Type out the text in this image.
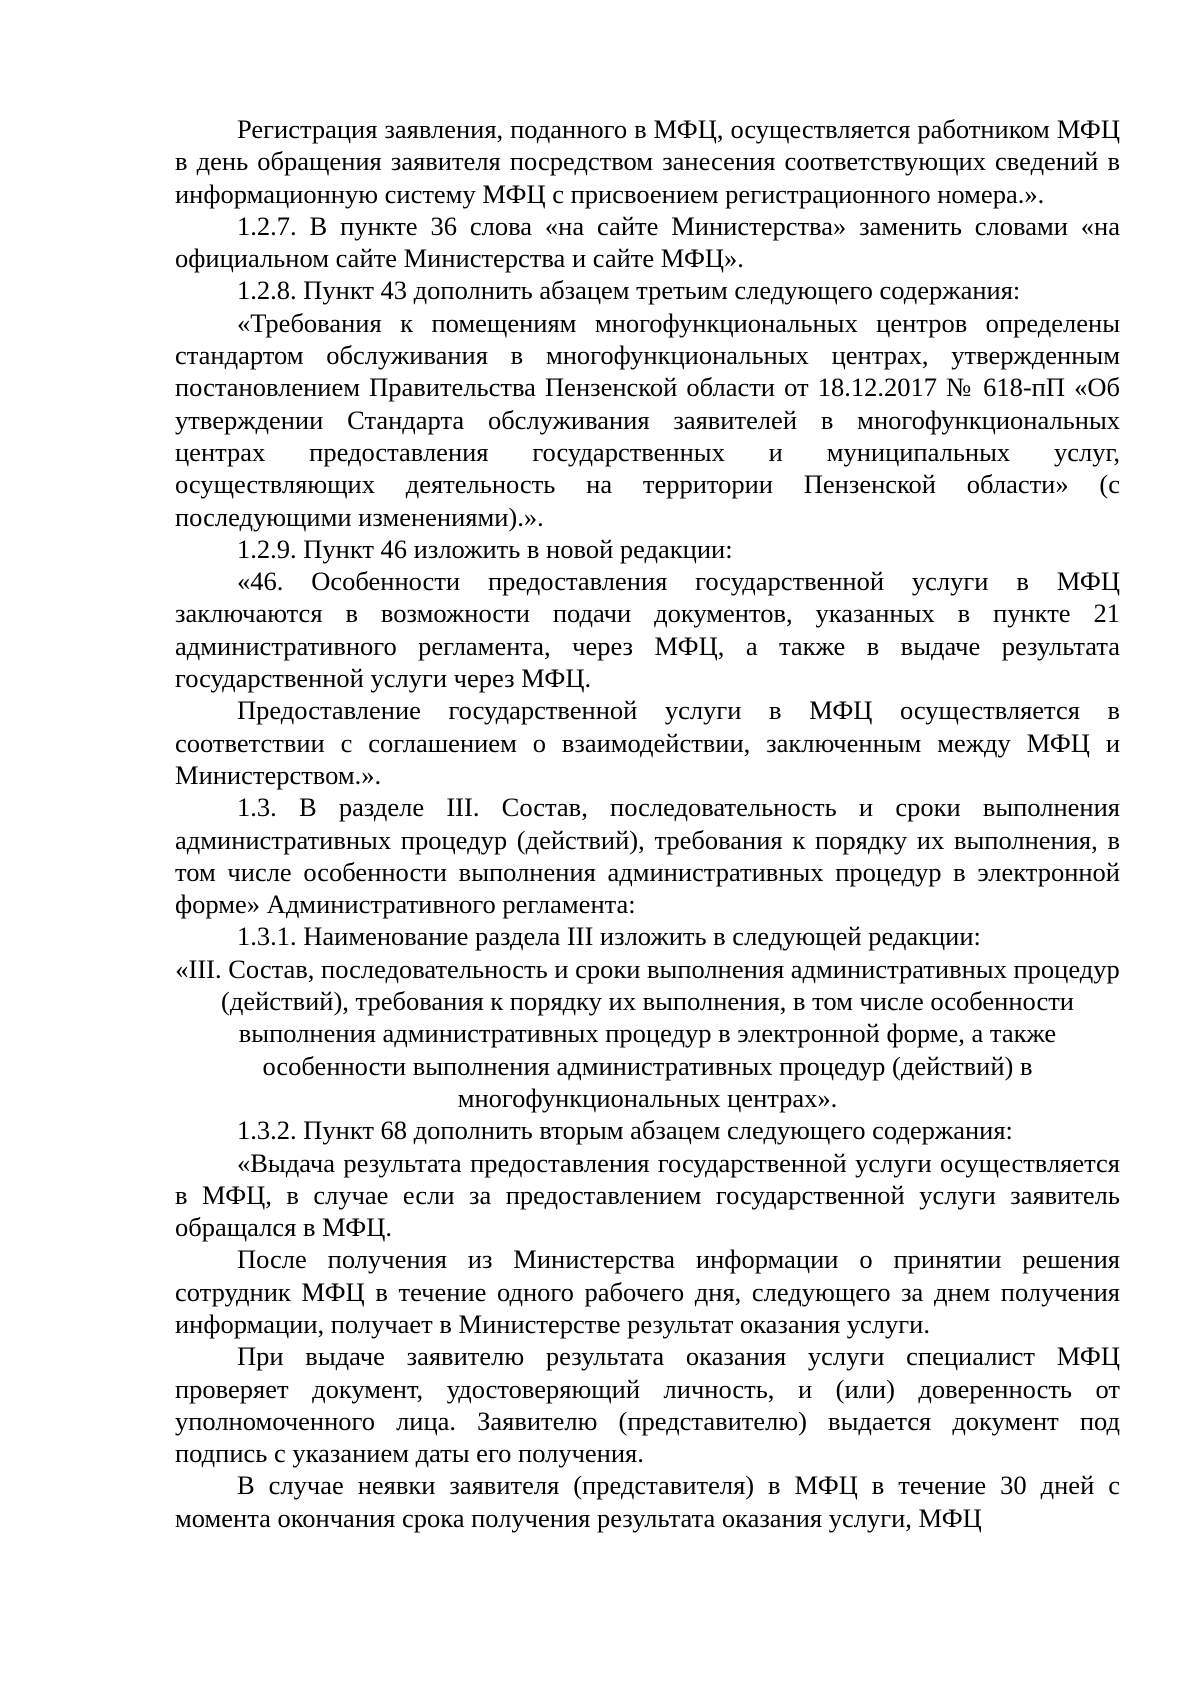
Регистрация заявления, поданного в МФЦ, осуществляется работником МФЦ в день обращения заявителя посредством занесения соответствующих сведений в информационную систему МФЦ с присвоением регистрационного номера.».

1.2.7. В пункте 36 слова «на сайте Министерства» заменить словами «на официальном сайте Министерства и сайте МФЦ».

1.2.8. Пункт 43 дополнить абзацем третьим следующего содержания:

«Требования к помещениям многофункциональных центров определены стандартом обслуживания в многофункциональных центрах, утвержденным постановлением Правительства Пензенской области от 18.12.2017 № 618-пП «Об утверждении Стандарта обслуживания заявителей в многофункциональных центрах предоставления государственных и муниципальных услуг, осуществляющих деятельность на территории Пензенской области» (с последующими изменениями).».

1.2.9. Пункт 46 изложить в новой редакции:

«46. Особенности предоставления государственной услуги в МФЦ заключаются в возможности подачи документов, указанных в пункте 21 административного регламента, через МФЦ, а также в выдаче результата государственной услуги через МФЦ.

Предоставление государственной услуги в МФЦ осуществляется в соответствии с соглашением о взаимодействии, заключенным между МФЦ и Министерством.».

1.3. В разделе III. Состав, последовательность и сроки выполнения административных процедур (действий), требования к порядку их выполнения, в том числе особенности выполнения административных процедур в электронной форме» Административного регламента:

1.3.1. Наименование раздела III изложить в следующей редакции:

«III. Состав, последовательность и сроки выполнения административных процедур (действий), требования к порядку их выполнения, в том числе особенности выполнения административных процедур в электронной форме, а также особенности выполнения административных процедур (действий) в многофункциональных центрах».

1.3.2. Пункт 68 дополнить вторым абзацем следующего содержания:

«Выдача результата предоставления государственной услуги осуществляется в МФЦ, в случае если за предоставлением государственной услуги заявитель обращался в МФЦ.

После получения из Министерства информации о принятии решения сотрудник МФЦ в течение одного рабочего дня, следующего за днем получения информации, получает в Министерстве результат оказания услуги.

При выдаче заявителю результата оказания услуги специалист МФЦ проверяет документ, удостоверяющий личность, и (или) доверенность от уполномоченного лица. Заявителю (представителю) выдается документ под подпись с указанием даты его получения.

В случае неявки заявителя (представителя) в МФЦ в течение 30 дней с момента окончания срока получения результата оказания услуги, МФЦ
